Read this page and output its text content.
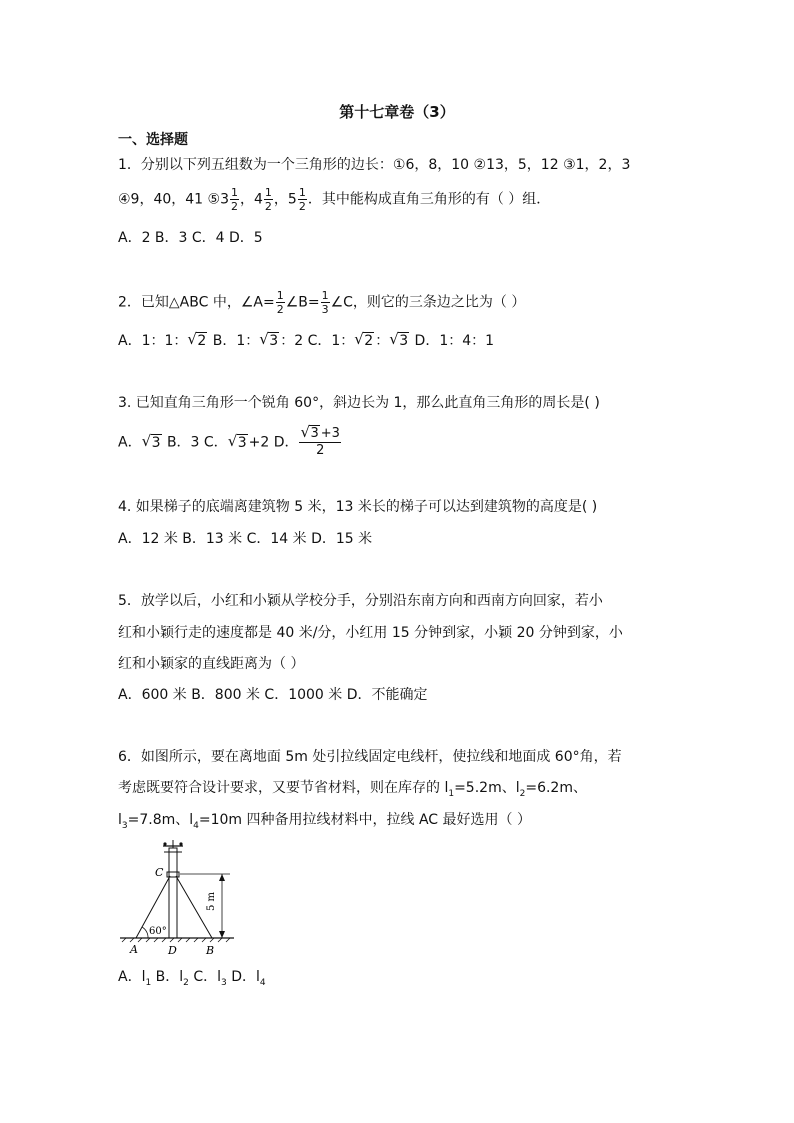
第十七章卷（3）
一、选择题
1．分别以下列五组数为一个三角形的边长：①6，8，10 ②13，5，12 ③1，2，3
④9，40，41 ⑤3 $\frac{1}{2}$ ，$4 \frac{1}{2}$ ，$5 \frac{1}{2}$ ．其中能构成直角三角形的有（ ）组．
A．2 B．3 C．4 D．5
2．已知△ABC 中，∠A= $\frac{1}{2}$ ∠B= $\frac{1}{3}$ ∠C，则它的三条边之比为（ ）
A．1：1： √ 2 B．1： √ 3 ：2 C．1： √ 2 ： √ 3 D．1：4：1
3. 已知直角三角形一个锐角 60°，斜边长为 1，那么此直角三角形的周长是( )
A． √ 3 B．3 C． √ 3 +2 D． $\frac{√ 3 +3}{2}$
4. 如果梯子的底端离建筑物 5 米，13 米长的梯子可以达到建筑物的高度是( )
A．12 米 B．13 米 C．14 米 D．15 米
5．放学以后，小红和小颖从学校分手，分别沿东南方向和西南方向回家，若小
红和小颖行走的速度都是 40 米/分，小红用 15 分钟到家，小颖 20 分钟到家，小
红和小颖家的直线距离为（ ）
A．600 米 B．800 米 C．1000 米 D．不能确定
6．如图所示，要在离地面 5m 处引拉线固定电线杆，使拉线和地面成 60°角，若
考虑既要符合设计要求，又要节省材料，则在库存的 $l_1=5.2m$、$l_2=6.2m$、
$l_3=7.8m$、$l_4=10m$ 四种备用拉线材料中，拉线 AC 最好选用（ ）
C
60°
5 m
A	D	B
A．$l_1$ B．$l_2$ C．$l_3$ D．$l_4$
